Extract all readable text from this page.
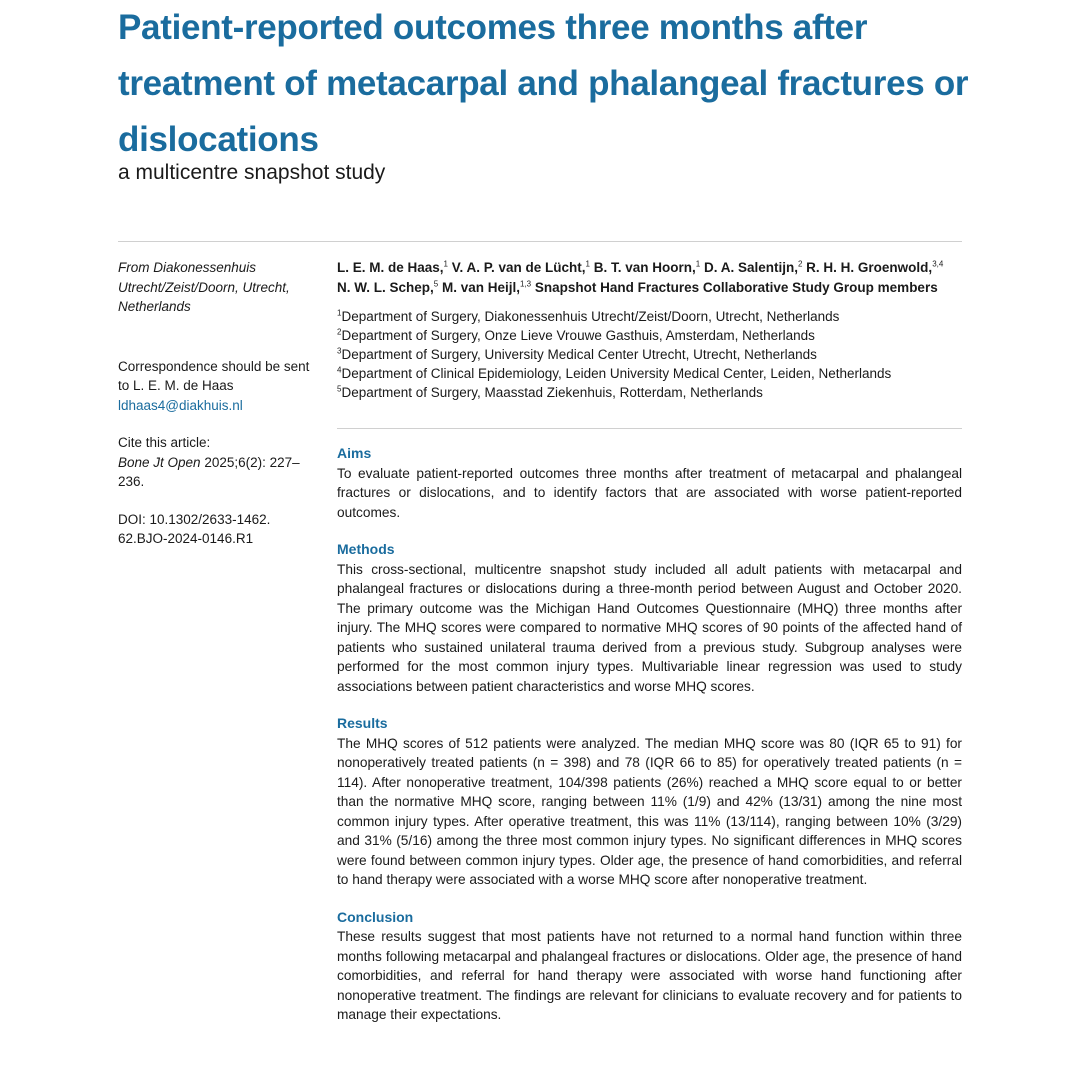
Patient-reported outcomes three months after treatment of metacarpal and phalangeal fractures or dislocations
a multicentre snapshot study
From Diakonessenhuis Utrecht/Zeist/Doorn, Utrecht, Netherlands
Correspondence should be sent to L. E. M. de Haas
ldhaas4@diakhuis.nl
Cite this article:
Bone Jt Open 2025;6(2): 227–236.
DOI: 10.1302/2633-1462. 62.BJO-2024-0146.R1

L. E. M. de Haas,$^1$ V. A. P. van de Lücht,$^1$ B. T. van Hoorn,$^1$ D. A. Salentijn,$^2$ R. H. H. Groenwold,$^{3,4}$
N. W. L. Schep,$^5$ M. van Heijl,$^{1,3}$ Snapshot Hand Fractures Collaborative Study Group members

$^1$Department of Surgery, Diakonessenhuis Utrecht/Zeist/Doorn, Utrecht, Netherlands
$^2$Department of Surgery, Onze Lieve Vrouwe Gasthuis, Amsterdam, Netherlands
$^3$Department of Surgery, University Medical Center Utrecht, Utrecht, Netherlands
$^4$Department of Clinical Epidemiology, Leiden University Medical Center, Leiden, Netherlands
$^5$Department of Surgery, Maasstad Ziekenhuis, Rotterdam, Netherlands
Aims

To evaluate patient-reported outcomes three months after treatment of metacarpal and phalangeal fractures or dislocations, and to identify factors that are associated with worse patient-reported outcomes.

Methods

This cross-sectional, multicentre snapshot study included all adult patients with metacarpal and phalangeal fractures or dislocations during a three-month period between August and October 2020. The primary outcome was the Michigan Hand Outcomes Questionnaire (MHQ) three months after injury. The MHQ scores were compared to normative MHQ scores of 90 points of the affected hand of patients who sustained unilateral trauma derived from a previous study. Subgroup analyses were performed for the most common injury types. Multivariable linear regression was used to study associations between patient characteristics and worse MHQ scores.

Results

The MHQ scores of 512 patients were analyzed. The median MHQ score was 80 (IQR 65 to 91) for nonoperatively treated patients (n = 398) and 78 (IQR 66 to 85) for operatively treated patients (n = 114). After nonoperative treatment, 104/398 patients (26%) reached a MHQ score equal to or better than the normative MHQ score, ranging between 11% (1/9) and 42% (13/31) among the nine most common injury types. After operative treatment, this was 11% (13/114), ranging between 10% (3/29) and 31% (5/16) among the three most common injury types. No significant differences in MHQ scores were found between common injury types. Older age, the presence of hand comorbidities, and referral to hand therapy were associated with a worse MHQ score after nonoperative treatment.

Conclusion

These results suggest that most patients have not returned to a normal hand function within three months following metacarpal and phalangeal fractures or dislocations. Older age, the presence of hand comorbidities, and referral for hand therapy were associated with worse hand functioning after nonoperative treatment. The findings are relevant for clinicians to evaluate recovery and for patients to manage their expectations.
